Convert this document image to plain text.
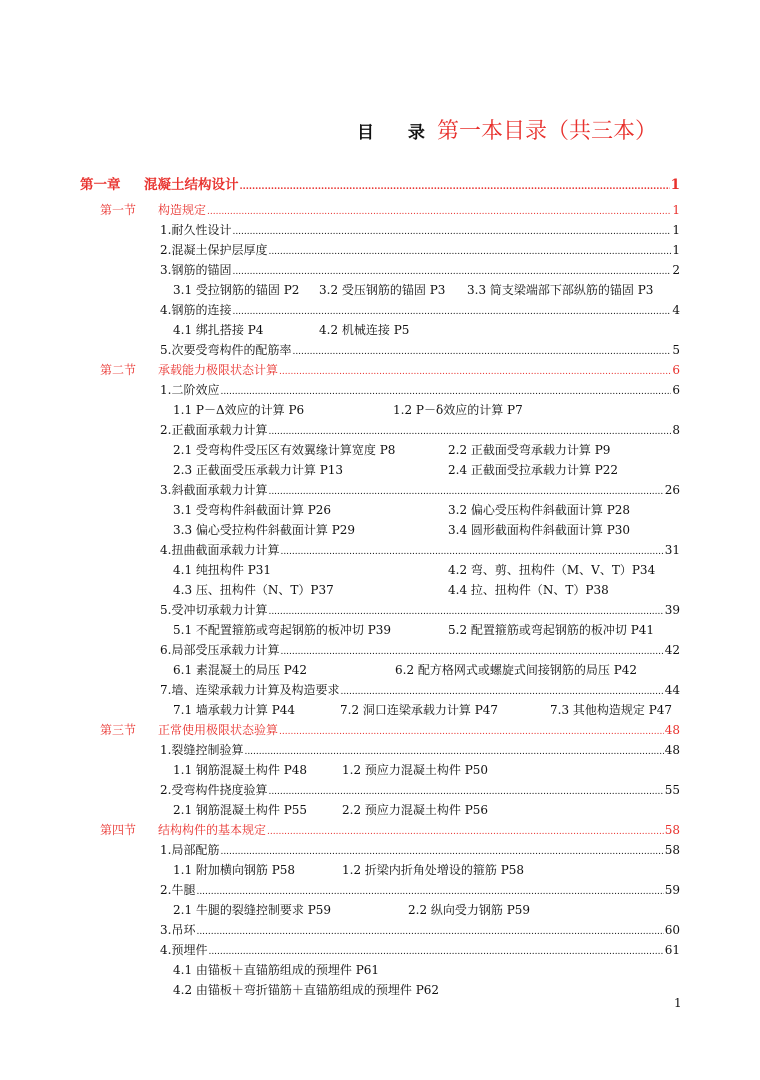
目 录
第一本目录（共三本）
第一章 混凝土结构设计 .....	1
第一节 构造规定 .....	1
1.耐久性设计 .....	1
2.混凝土保护层厚度 .....	1
3.钢筋的锚固 .....	2
3.1 受拉钢筋的锚固 P2 3.2 受压钢筋的锚固 P3 3.3 简支梁端部下部纵筋的锚固 P3
4.钢筋的连接 .....	4
4.1 绑扎搭接 P4	4.2 机械连接 P5
5.次要受弯构件的配筋率 .....	5
第二节 承载能力极限状态计算 .....	6
1.二阶效应 .....	6
1.1 P－Δ效应的计算 P6	1.2 P－δ效应的计算 P7
2.正截面承载力计算 .....	8
2.1 受弯构件受压区有效翼缘计算宽度 P8	2.2 正截面受弯承载力计算 P9
2.3 正截面受压承载力计算 P13	2.4 正截面受拉承载力计算 P22
3.斜截面承载力计算 .....	26
3.1 受弯构件斜截面计算 P26	3.2 偏心受压构件斜截面计算 P28
3.3 偏心受拉构件斜截面计算 P29	3.4 圆形截面构件斜截面计算 P30
4.扭曲截面承载力计算 .....	31
4.1 纯扭构件 P31	4.2 弯、剪、扭构件（M、V、T）P34
4.3 压、扭构件（N、T）P37	4.4 拉、扭构件（N、T）P38
5.受冲切承载力计算 .....	39
5.1 不配置箍筋或弯起钢筋的板冲切 P39	5.2 配置箍筋或弯起钢筋的板冲切 P41
6.局部受压承载力计算 .....	42
6.1 素混凝土的局压 P42	6.2 配方格网式或螺旋式间接钢筋的局压 P42
7.墙、连梁承载力计算及构造要求 .....	44
7.1 墙承载力计算 P44	7.2 洞口连梁承载力计算 P47	7.3 其他构造规定 P47
第三节 正常使用极限状态验算 .....	48
1.裂缝控制验算 .....	48
1.1 钢筋混凝土构件 P48	1.2 预应力混凝土构件 P50
2.受弯构件挠度验算 .....	55
2.1 钢筋混凝土构件 P55	2.2 预应力混凝土构件 P56
第四节 结构构件的基本规定 .....	58
1.局部配筋 .....	58
1.1 附加横向钢筋 P58	1.2 折梁内折角处增设的箍筋 P58
2.牛腿 .....	59
2.1 牛腿的裂缝控制要求 P59	2.2 纵向受力钢筋 P59
3.吊环 .....	60
4.预埋件 .....	61
4.1 由锚板＋直锚筋组成的预埋件 P61
4.2 由锚板＋弯折锚筋＋直锚筋组成的预埋件 P62
1
